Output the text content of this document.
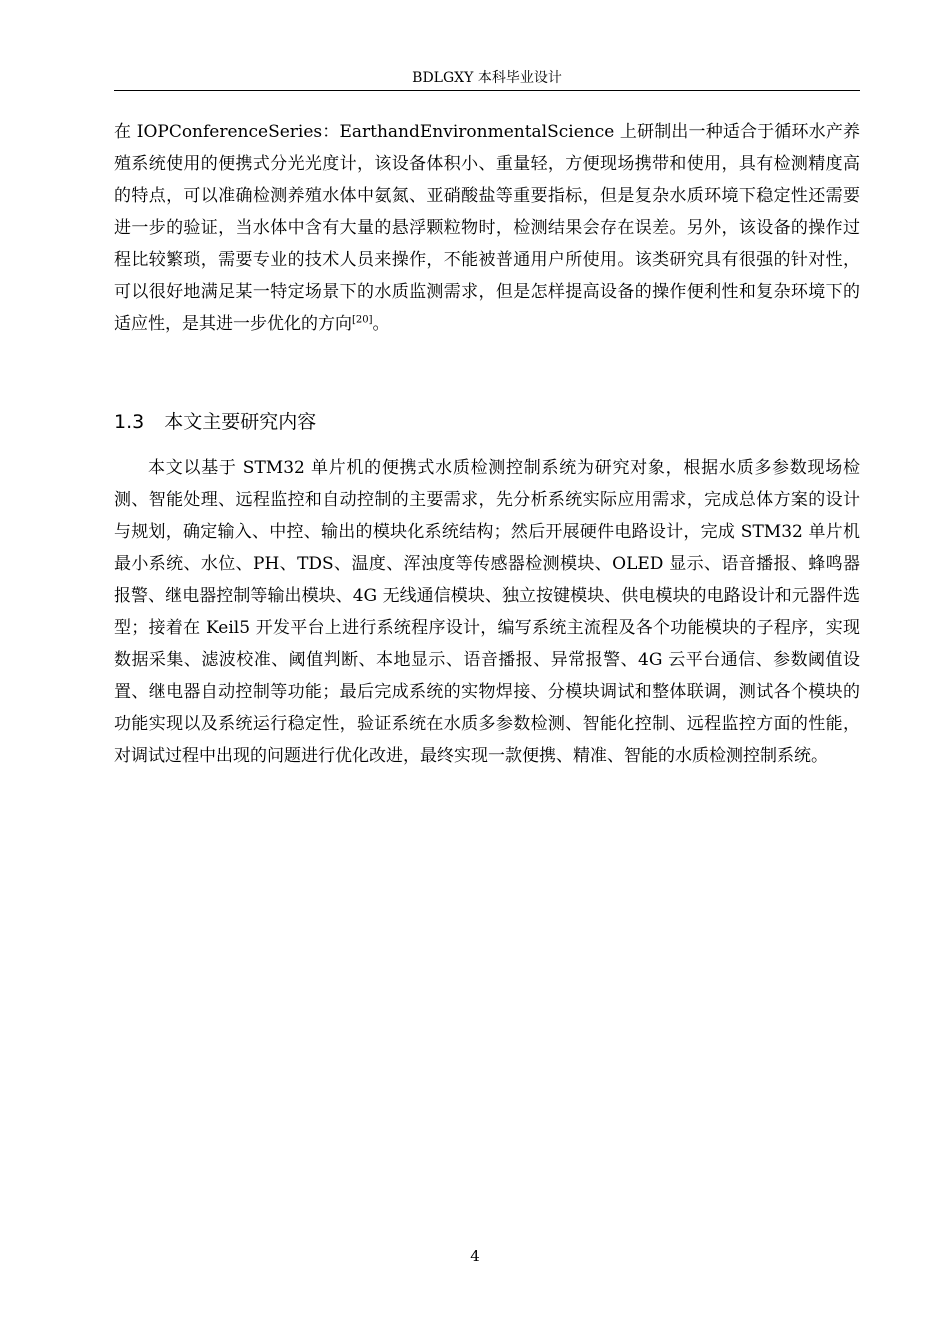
BDLGXY 本科毕业设计

在 IOPConferenceSeries：EarthandEnvironmentalScience 上研制出一种适合于循环水产养殖系统使用的便携式分光光度计，该设备体积小、重量轻，方便现场携带和使用，具有检测精度高的特点，可以准确检测养殖水体中氨氮、亚硝酸盐等重要指标，但是复杂水质环境下稳定性还需要进一步的验证，当水体中含有大量的悬浮颗粒物时，检测结果会存在误差。另外，该设备的操作过程比较繁琐，需要专业的技术人员来操作，不能被普通用户所使用。该类研究具有很强的针对性，可以很好地满足某一特定场景下的水质监测需求，但是怎样提高设备的操作便利性和复杂环境下的适应性，是其进一步优化的方向[20]。

1.3 本文主要研究内容

本文以基于 STM32 单片机的便携式水质检测控制系统为研究对象，根据水质多参数现场检测、智能处理、远程监控和自动控制的主要需求，先分析系统实际应用需求，完成总体方案的设计与规划，确定输入、中控、输出的模块化系统结构；然后开展硬件电路设计，完成 STM32 单片机最小系统、水位、PH、TDS、温度、浑浊度等传感器检测模块、OLED 显示、语音播报、蜂鸣器报警、继电器控制等输出模块、4G 无线通信模块、独立按键模块、供电模块的电路设计和元器件选型；接着在 Keil5 开发平台上进行系统程序设计，编写系统主流程及各个功能模块的子程序，实现数据采集、滤波校准、阈值判断、本地显示、语音播报、异常报警、4G 云平台通信、参数阈值设置、继电器自动控制等功能；最后完成系统的实物焊接、分模块调试和整体联调，测试各个模块的功能实现以及系统运行稳定性，验证系统在水质多参数检测、智能化控制、远程监控方面的性能，对调试过程中出现的问题进行优化改进，最终实现一款便携、精准、智能的水质检测控制系统。

4
